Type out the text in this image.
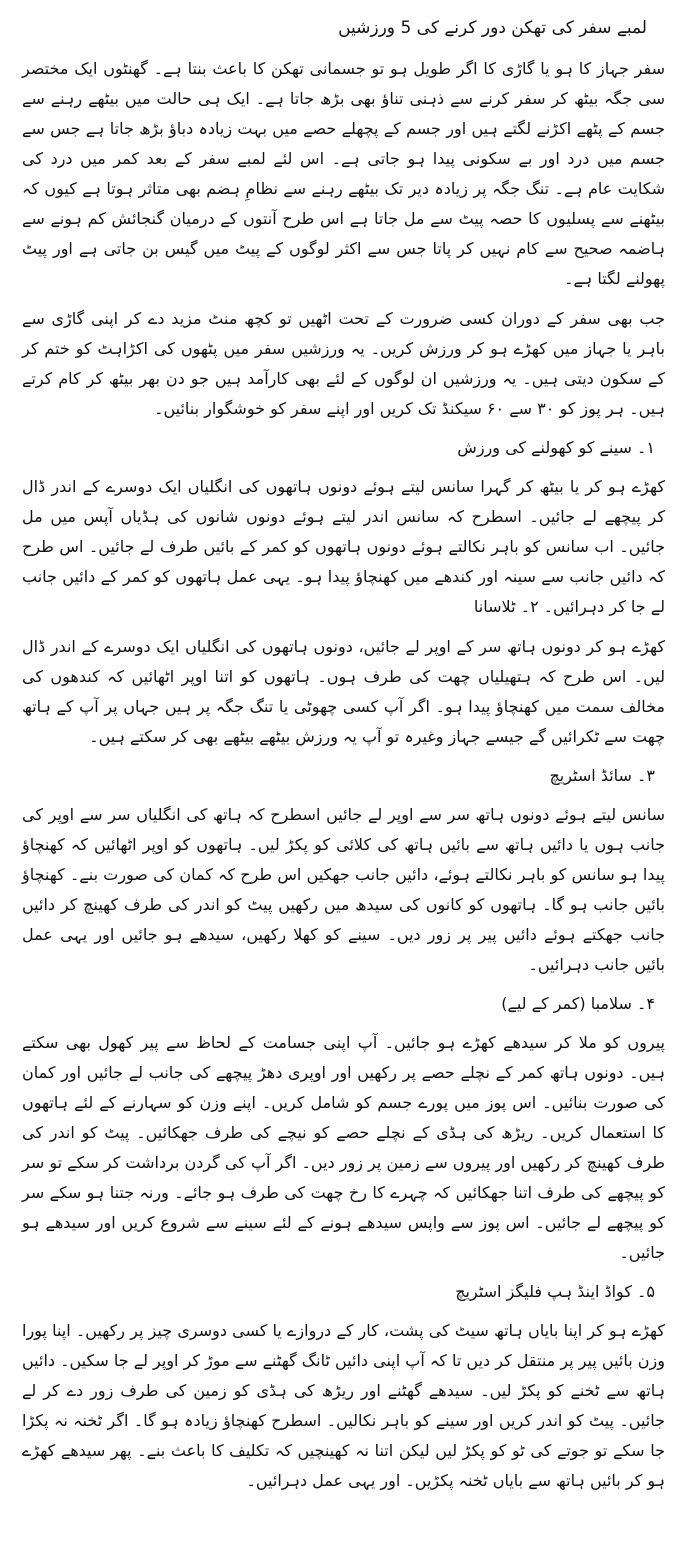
لمبے سفر کی تھکن دور کرنے کی 5 ورزشیں

سفر جہاز کا ہو یا گاڑی کا اگر طویل ہو تو جسمانی تھکن کا باعث بنتا ہے۔ گھنٹوں ایک مختصر سی جگہ بیٹھ کر سفر کرنے سے ذہنی تناؤ بھی بڑھ جاتا ہے۔ ایک ہی حالت میں بیٹھے رہنے سے جسم کے پٹھے اکڑنے لگتے ہیں اور جسم کے پچھلے حصے میں بہت زیادہ دباؤ بڑھ جاتا ہے جس سے جسم میں درد اور بے سکونی پیدا ہو جاتی ہے۔ اس لئے لمبے سفر کے بعد کمر میں درد کی شکایت عام ہے۔ تنگ جگہ پر زیادہ دیر تک بیٹھے رہنے سے نظامِ ہضم بھی متاثر ہوتا ہے کیوں کہ بیٹھنے سے پسلیوں کا حصہ پیٹ سے مل جاتا ہے اس طرح آنتوں کے درمیان گنجائش کم ہونے سے ہاضمہ صحیح سے کام نہیں کر پاتا جس سے اکثر لوگوں کے پیٹ میں گیس بن جاتی ہے اور پیٹ پھولنے لگتا ہے۔

جب بھی سفر کے دوران کسی ضرورت کے تحت اٹھیں تو کچھ منٹ مزید دے کر اپنی گاڑی سے باہر یا جہاز میں کھڑے ہو کر ورزش کریں۔ یہ ورزشیں سفر میں پٹھوں کی اکڑاہٹ کو ختم کر کے سکون دیتی ہیں۔ یہ ورزشیں ان لوگوں کے لئے بھی کارآمد ہیں جو دن بھر بیٹھ کر کام کرتے ہیں۔ ہر پوز کو ۳۰ سے ۶۰ سیکنڈ تک کریں اور اپنے سفر کو خوشگوار بنائیں۔

۱۔ سینے کو کھولنے کی ورزش

کھڑے ہو کر یا بیٹھ کر گہرا سانس لیتے ہوئے دونوں ہاتھوں کی انگلیاں ایک دوسرے کے اندر ڈال کر پیچھے لے جائیں۔ اسطرح کہ سانس اندر لیتے ہوئے دونوں شانوں کی ہڈیاں آپس میں مل جائیں۔ اب سانس کو باہر نکالتے ہوئے دونوں ہاتھوں کو کمر کے بائیں طرف لے جائیں۔ اس طرح کہ دائیں جانب سے سینہ اور کندھے میں کھنچاؤ پیدا ہو۔ یہی عمل ہاتھوں کو کمر کے دائیں جانب لے جا کر دہرائیں۔ ۲۔ ٹلاسانا

کھڑے ہو کر دونوں ہاتھ سر کے اوپر لے جائیں، دونوں ہاتھوں کی انگلیاں ایک دوسرے کے اندر ڈال لیں۔ اس طرح کہ ہتھیلیاں چھت کی طرف ہوں۔ ہاتھوں کو اتنا اوپر اٹھائیں کہ کندھوں کی مخالف سمت میں کھنچاؤ پیدا ہو۔ اگر آپ کسی چھوٹی یا تنگ جگہ پر ہیں جہاں پر آپ کے ہاتھ چھت سے ٹکرائیں گے جیسے جہاز وغیرہ تو آپ یہ ورزش بیٹھے بیٹھے بھی کر سکتے ہیں۔

۳۔ سائڈ اسٹریچ

سانس لیتے ہوئے دونوں ہاتھ سر سے اوپر لے جائیں اسطرح کہ ہاتھ کی انگلیاں سر سے اوپر کی جانب ہوں یا دائیں ہاتھ سے بائیں ہاتھ کی کلائی کو پکڑ لیں۔ ہاتھوں کو اوپر اٹھائیں کہ کھنچاؤ پیدا ہو سانس کو باہر نکالتے ہوئے، دائیں جانب جھکیں اس طرح کہ کمان کی صورت بنے۔ کھنچاؤ بائیں جانب ہو گا۔ ہاتھوں کو کانوں کی سیدھ میں رکھیں پیٹ کو اندر کی طرف کھینچ کر دائیں جانب جھکتے ہوئے دائیں پیر پر زور دیں۔ سینے کو کھلا رکھیں، سیدھے ہو جائیں اور یہی عمل بائیں جانب دہرائیں۔

۴۔ سلامبا (کمر کے لیے)

پیروں کو ملا کر سیدھے کھڑے ہو جائیں۔ آپ اپنی جسامت کے لحاظ سے پیر کھول بھی سکتے ہیں۔ دونوں ہاتھ کمر کے نچلے حصے پر رکھیں اور اوپری دھڑ پیچھے کی جانب لے جائیں اور کمان کی صورت بنائیں۔ اس پوز میں پورے جسم کو شامل کریں۔ اپنے وزن کو سہارنے کے لئے ہاتھوں کا استعمال کریں۔ ریڑھ کی ہڈی کے نچلے حصے کو نیچے کی طرف جھکائیں۔ پیٹ کو اندر کی طرف کھینچ کر رکھیں اور پیروں سے زمین پر زور دیں۔ اگر آپ کی گردن برداشت کر سکے تو سر کو پیچھے کی طرف اتنا جھکائیں کہ چہرے کا رخ چھت کی طرف ہو جائے۔ ورنہ جتنا ہو سکے سر کو پیچھے لے جائیں۔ اس پوز سے واپس سیدھے ہونے کے لئے سینے سے شروع کریں اور سیدھے ہو جائیں۔

۵۔ کواڈ اینڈ ہپ فلیگز اسٹریچ

کھڑے ہو کر اپنا بایاں ہاتھ سیٹ کی پشت، کار کے دروازے یا کسی دوسری چیز پر رکھیں۔ اپنا پورا وزن بائیں پیر پر منتقل کر دیں تا کہ آپ اپنی دائیں ٹانگ گھٹنے سے موڑ کر اوپر لے جا سکیں۔ دائیں ہاتھ سے ٹخنے کو پکڑ لیں۔ سیدھے گھٹنے اور ریڑھ کی ہڈی کو زمین کی طرف زور دے کر لے جائیں۔ پیٹ کو اندر کریں اور سینے کو باہر نکالیں۔ اسطرح کھنچاؤ زیادہ ہو گا۔ اگر ٹخنہ نہ پکڑا جا سکے تو جوتے کی ٹو کو پکڑ لیں لیکن اتنا نہ کھینچیں کہ تکلیف کا باعث بنے۔ پھر سیدھے کھڑے ہو کر بائیں ہاتھ سے بایاں ٹخنہ پکڑیں۔ اور یہی عمل دہرائیں۔
